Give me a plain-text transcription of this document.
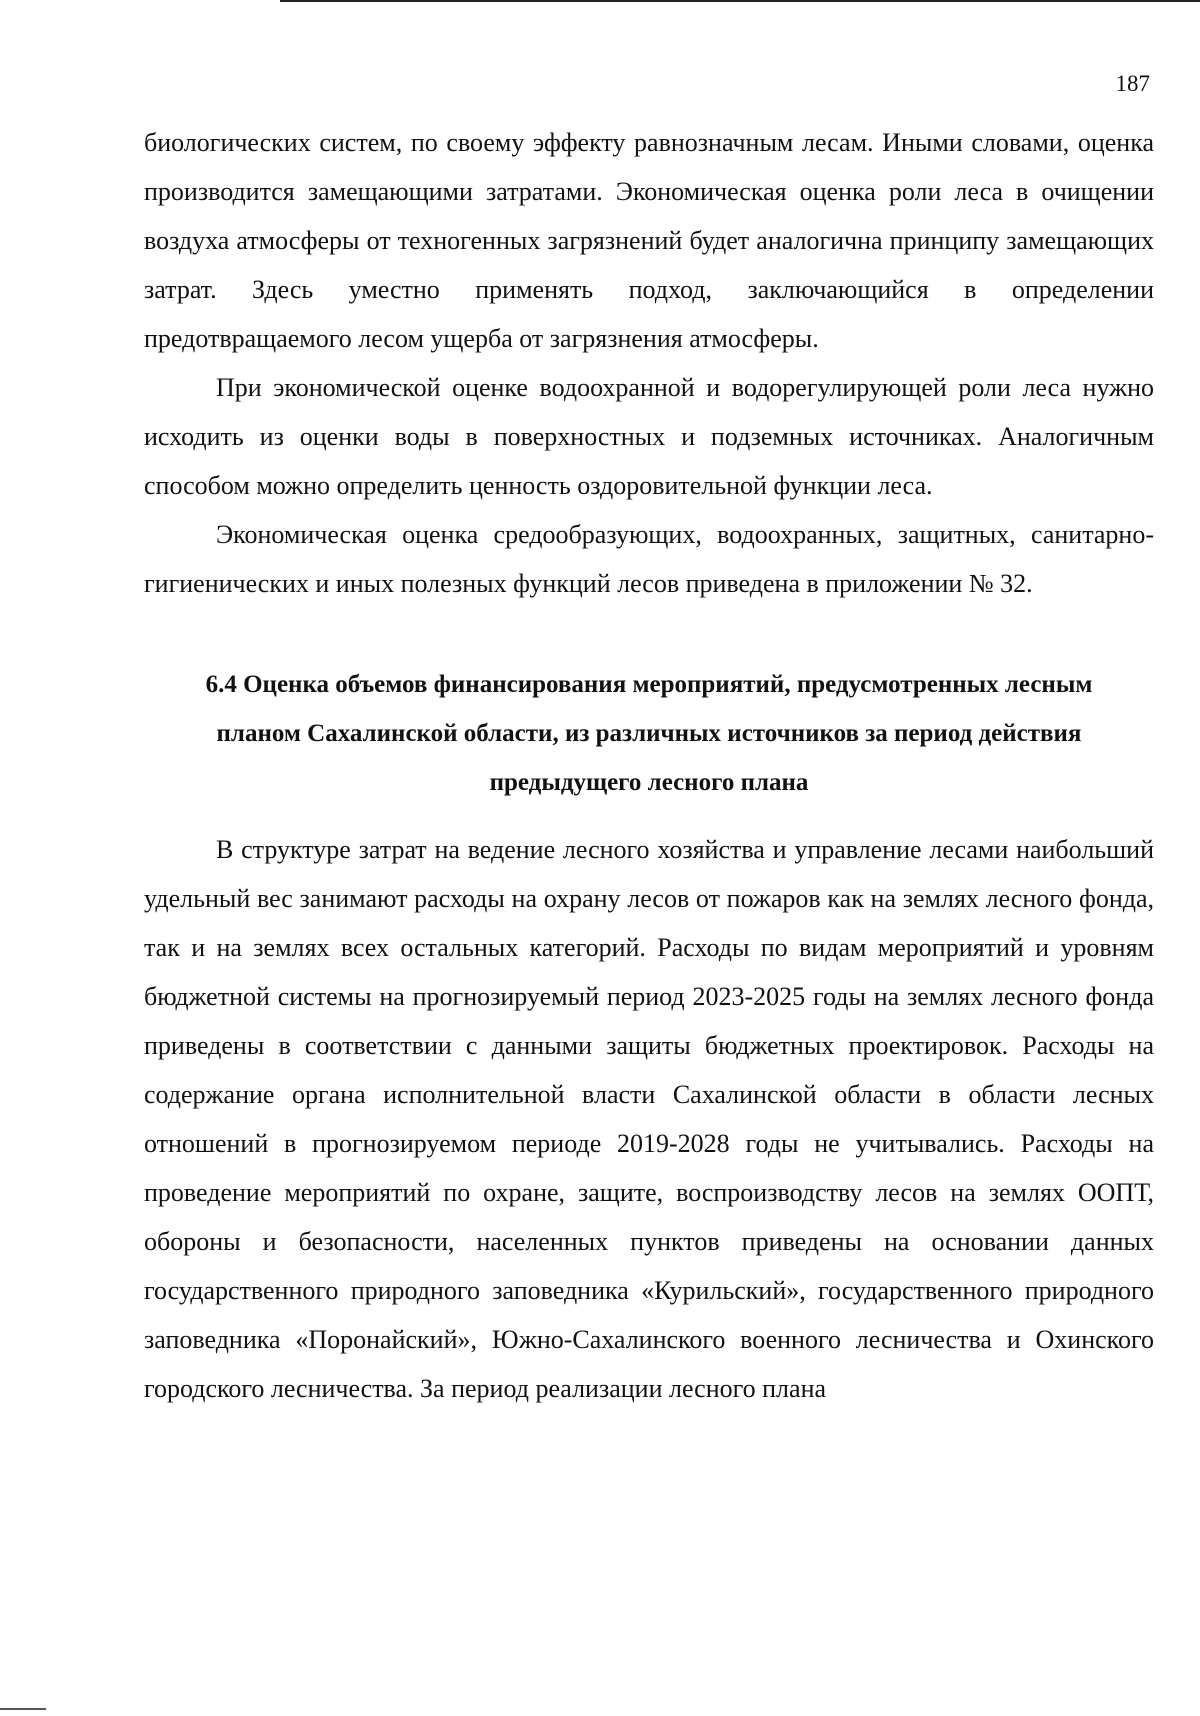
187

биологических систем, по своему эффекту равнозначным лесам. Иными словами, оценка производится замещающими затратами. Экономическая оценка роли леса в очищении воздуха атмосферы от техногенных загрязнений будет аналогична принципу замещающих затрат. Здесь уместно применять подход, заключающийся в определении предотвращаемого лесом ущерба от загрязнения атмосферы.

При экономической оценке водоохранной и водорегулирующей роли леса нужно исходить из оценки воды в поверхностных и подземных источниках. Аналогичным способом можно определить ценность оздоровительной функции леса.

Экономическая оценка средообразующих, водоохранных, защитных, санитарно-гигиенических и иных полезных функций лесов приведена в приложении № 32.

6.4 Оценка объемов финансирования мероприятий, предусмотренных лесным планом Сахалинской области, из различных источников за период действия предыдущего лесного плана

В структуре затрат на ведение лесного хозяйства и управление лесами наибольший удельный вес занимают расходы на охрану лесов от пожаров как на землях лесного фонда, так и на землях всех остальных категорий. Расходы по видам мероприятий и уровням бюджетной системы на прогнозируемый период 2023-2025 годы на землях лесного фонда приведены в соответствии с данными защиты бюджетных проектировок. Расходы на содержание органа исполнительной власти Сахалинской области в области лесных отношений в прогнозируемом периоде 2019-2028 годы не учитывались. Расходы на проведение мероприятий по охране, защите, воспроизводству лесов на землях ООПТ, обороны и безопасности, населенных пунктов приведены на основании данных государственного природного заповедника «Курильский», государственного природного заповедника «Поронайский», Южно-Сахалинского военного лесничества и Охинского городского лесничества. За период реализации лесного плана
